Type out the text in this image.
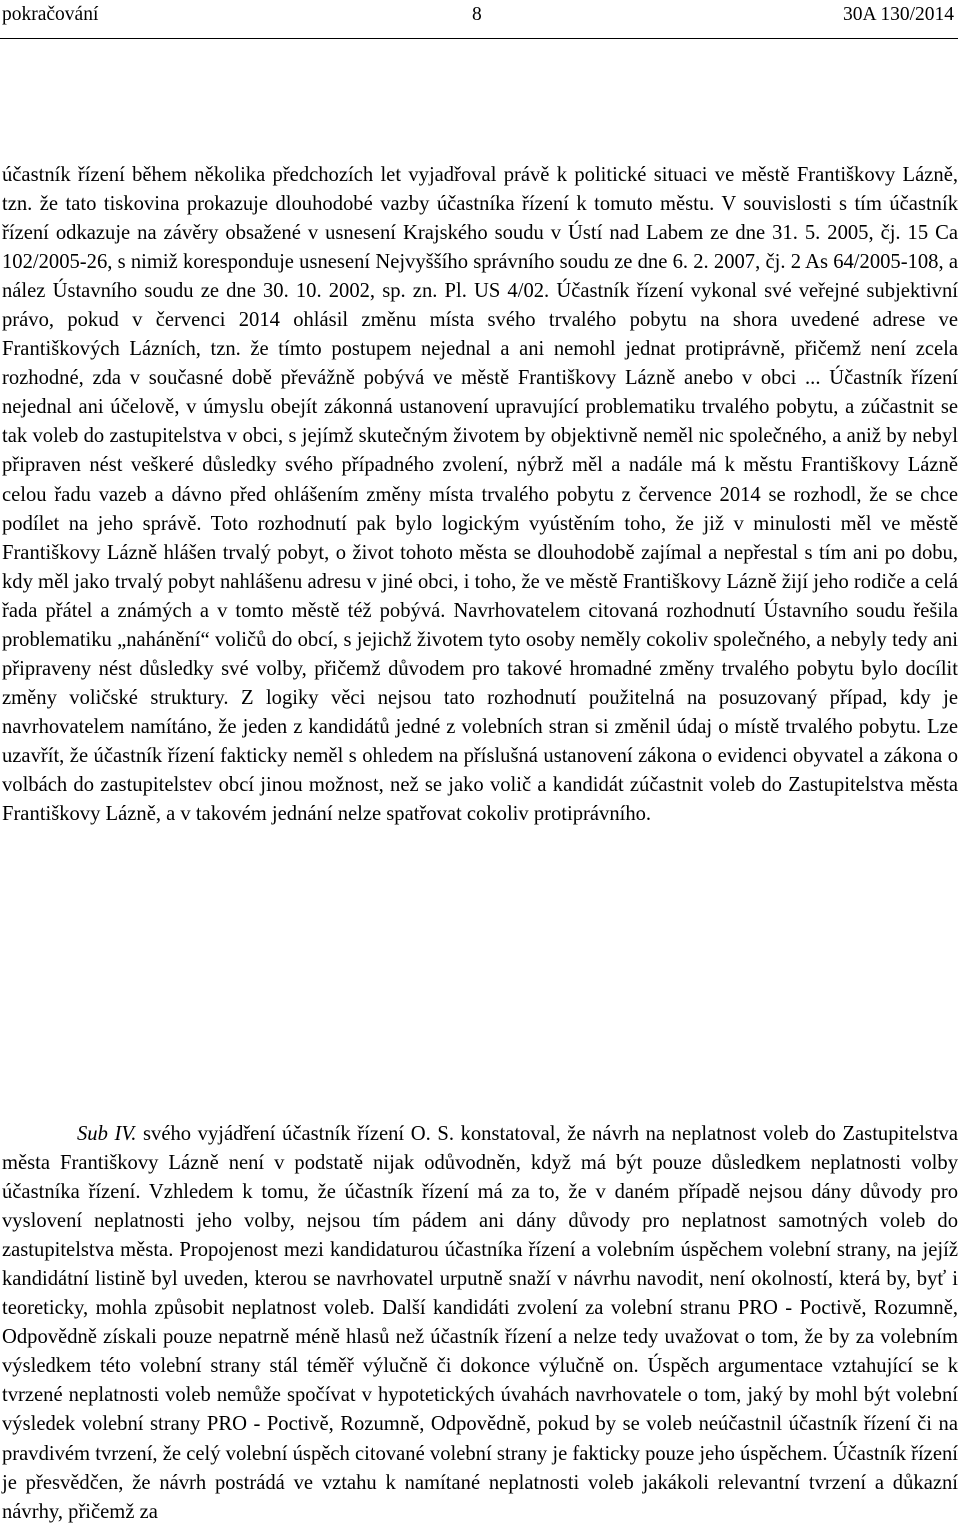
pokračování	8	30A 130/2014

účastník řízení během několika předchozích let vyjadřoval právě k politické situaci ve městě Františkovy Lázně, tzn. že tato tiskovina prokazuje dlouhodobé vazby účastníka řízení k tomuto městu. V souvislosti s tím účastník řízení odkazuje na závěry obsažené v usnesení Krajského soudu v Ústí nad Labem ze dne 31. 5. 2005, čj. 15 Ca 102/2005-26, s nimiž koresponduje usnesení Nejvyššího správního soudu ze dne 6. 2. 2007, čj. 2 As 64/2005-108, a nález Ústavního soudu ze dne 30. 10. 2002, sp. zn. Pl. US 4/02. Účastník řízení vykonal své veřejné subjektivní právo, pokud v červenci 2014 ohlásil změnu místa svého trvalého pobytu na shora uvedené adrese ve Františkových Lázních, tzn. že tímto postupem nejednal a ani nemohl jednat protiprávně, přičemž není zcela rozhodné, zda v současné době převážně pobývá ve městě Františkovy Lázně anebo v obci ... Účastník řízení nejednal ani účelově, v úmyslu obejít zákonná ustanovení upravující problematiku trvalého pobytu, a zúčastnit se tak voleb do zastupitelstva v obci, s jejímž skutečným životem by objektivně neměl nic společného, a aniž by nebyl připraven nést veškeré důsledky svého případného zvolení, nýbrž měl a nadále má k městu Františkovy Lázně celou řadu vazeb a dávno před ohlášením změny místa trvalého pobytu z července 2014 se rozhodl, že se chce podílet na jeho správě. Toto rozhodnutí pak bylo logickým vyústěním toho, že již v minulosti měl ve městě Františkovy Lázně hlášen trvalý pobyt, o život tohoto města se dlouhodobě zajímal a nepřestal s tím ani po dobu, kdy měl jako trvalý pobyt nahlášenu adresu v jiné obci, i toho, že ve městě Františkovy Lázně žijí jeho rodiče a celá řada přátel a známých a v tomto městě též pobývá. Navrhovatelem citovaná rozhodnutí Ústavního soudu řešila problematiku „nahánění“ voličů do obcí, s jejichž životem tyto osoby neměly cokoliv společného, a nebyly tedy ani připraveny nést důsledky své volby, přičemž důvodem pro takové hromadné změny trvalého pobytu bylo docílit změny voličské struktury. Z logiky věci nejsou tato rozhodnutí použitelná na posuzovaný případ, kdy je navrhovatelem namítáno, že jeden z kandidátů jedné z volebních stran si změnil údaj o místě trvalého pobytu. Lze uzavřít, že účastník řízení fakticky neměl s ohledem na příslušná ustanovení zákona o evidenci obyvatel a zákona o volbách do zastupitelstev obcí jinou možnost, než se jako volič a kandidát zúčastnit voleb do Zastupitelstva města Františkovy Lázně, a v takovém jednání nelze spatřovat cokoliv protiprávního.

Sub IV. svého vyjádření účastník řízení O. S. konstatoval, že návrh na neplatnost voleb do Zastupitelstva města Františkovy Lázně není v podstatě nijak odůvodněn, když má být pouze důsledkem neplatnosti volby účastníka řízení. Vzhledem k tomu, že účastník řízení má za to, že v daném případě nejsou dány důvody pro vyslovení neplatnosti jeho volby, nejsou tím pádem ani dány důvody pro neplatnost samotných voleb do zastupitelstva města. Propojenost mezi kandidaturou účastníka řízení a volebním úspěchem volební strany, na jejíž kandidátní listině byl uveden, kterou se navrhovatel urputně snaží v návrhu navodit, není okolností, která by, byť i teoreticky, mohla způsobit neplatnost voleb. Další kandidáti zvolení za volební stranu PRO - Poctivě, Rozumně, Odpovědně získali pouze nepatrně méně hlasů než účastník řízení a nelze tedy uvažovat o tom, že by za volebním výsledkem této volební strany stál téměř výlučně či dokonce výlučně on. Úspěch argumentace vztahující se k tvrzené neplatnosti voleb nemůže spočívat v hypotetických úvahách navrhovatele o tom, jaký by mohl být volební výsledek volební strany PRO - Poctivě, Rozumně, Odpovědně, pokud by se voleb neúčastnil účastník řízení či na pravdivém tvrzení, že celý volební úspěch citované volební strany je fakticky pouze jeho úspěchem. Účastník řízení je přesvědčen, že návrh postrádá ve vztahu k namítané neplatnosti voleb jakákoli relevantní tvrzení a důkazní návrhy, přičemž za
